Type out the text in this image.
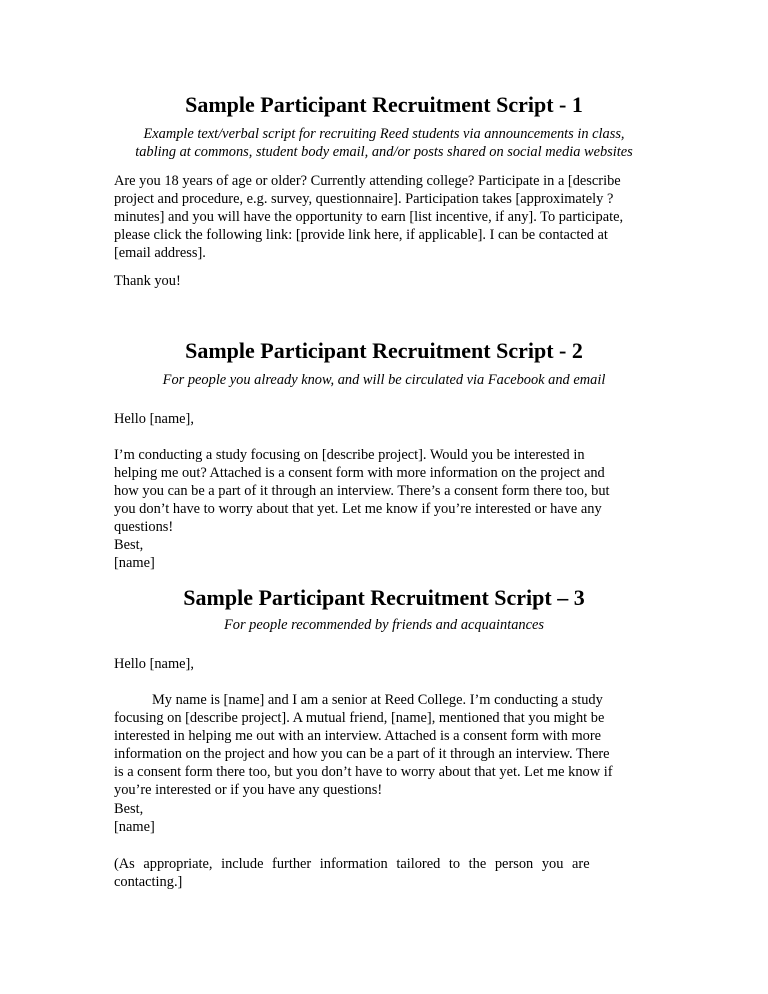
Sample Participant Recruitment Script - 1
Example text/verbal script for recruiting Reed students via announcements in class,
tabling at commons, student body email, and/or posts shared on social media websites
Are you 18 years of age or older? Currently attending college? Participate in a [describe
project and procedure, e.g. survey, questionnaire]. Participation takes [approximately ?
minutes] and you will have the opportunity to earn [list incentive, if any]. To participate,
please click the following link: [provide link here, if applicable]. I can be contacted at
[email address].

Thank you!

Sample Participant Recruitment Script - 2

For people you already know, and will be circulated via Facebook and email

Hello [name],

I’m conducting a study focusing on [describe project]. Would you be interested in
helping me out? Attached is a consent form with more information on the project and
how you can be a part of it through an interview. There’s a consent form there too, but
you don’t have to worry about that yet. Let me know if you’re interested or have any
questions!
Best,
[name]
Sample Participant Recruitment Script – 3

For people recommended by friends and acquaintances

Hello [name],

My name is [name] and I am a senior at Reed College. I’m conducting a study
focusing on [describe project]. A mutual friend, [name], mentioned that you might be
interested in helping me out with an interview. Attached is a consent form with more
information on the project and how you can be a part of it through an interview. There
is a consent form there too, but you don’t have to worry about that yet. Let me know if
you’re interested or if you have any questions!
Best,
[name]
(As appropriate, include further information tailored to the person you are
contacting.]
